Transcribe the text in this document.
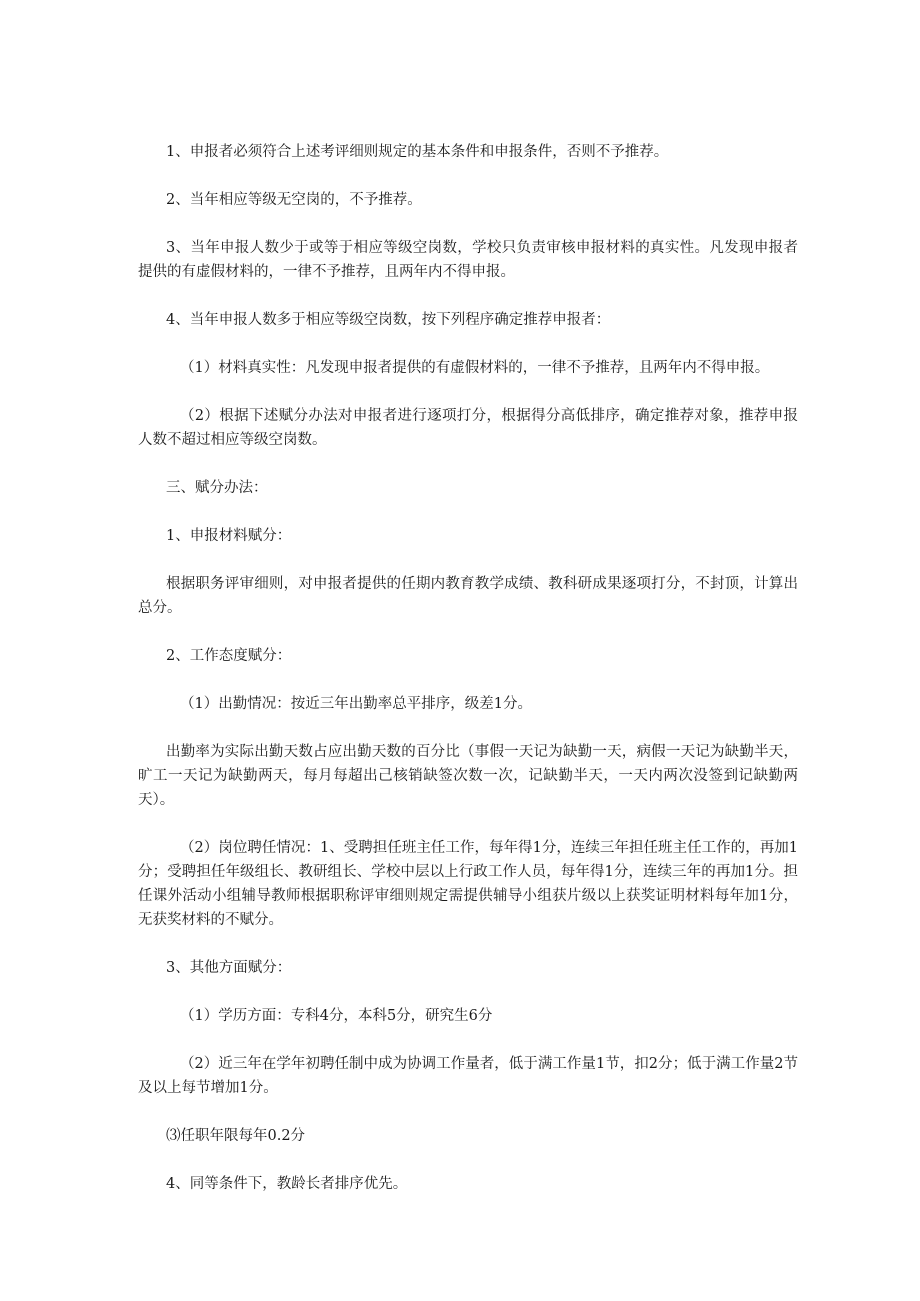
1、申报者必须符合上述考评细则规定的基本条件和申报条件，否则不予推荐。

2、当年相应等级无空岗的，不予推荐。

3、当年申报人数少于或等于相应等级空岗数，学校只负责审核申报材料的真实性。凡发现申报者提供的有虚假材料的，一律不予推荐，且两年内不得申报。

4、当年申报人数多于相应等级空岗数，按下列程序确定推荐申报者：

（1）材料真实性：凡发现申报者提供的有虚假材料的，一律不予推荐，且两年内不得申报。

（2）根据下述赋分办法对申报者进行逐项打分，根据得分高低排序，确定推荐对象，推荐申报人数不超过相应等级空岗数。

三、赋分办法：

1、申报材料赋分：

根据职务评审细则，对申报者提供的任期内教育教学成绩、教科研成果逐项打分，不封顶，计算出总分。

2、工作态度赋分：

（1）出勤情况：按近三年出勤率总平排序，级差1分。

出勤率为实际出勤天数占应出勤天数的百分比（事假一天记为缺勤一天，病假一天记为缺勤半天，旷工一天记为缺勤两天，每月每超出己核销缺签次数一次，记缺勤半天，一天内两次没签到记缺勤两天）。

（2）岗位聘任情况：1、受聘担任班主任工作，每年得1分，连续三年担任班主任工作的，再加1分；受聘担任年级组长、教研组长、学校中层以上行政工作人员，每年得1分，连续三年的再加1分。担任课外活动小组辅导教师根据职称评审细则规定需提供辅导小组获片级以上获奖证明材料每年加1分，无获奖材料的不赋分。

3、其他方面赋分：

（1）学历方面：专科4分，本科5分，研究生6分

（2）近三年在学年初聘任制中成为协调工作量者，低于满工作量1节，扣2分；低于满工作量2节及以上每节增加1分。

⑶任职年限每年0.2分

4、同等条件下，教龄长者排序优先。
